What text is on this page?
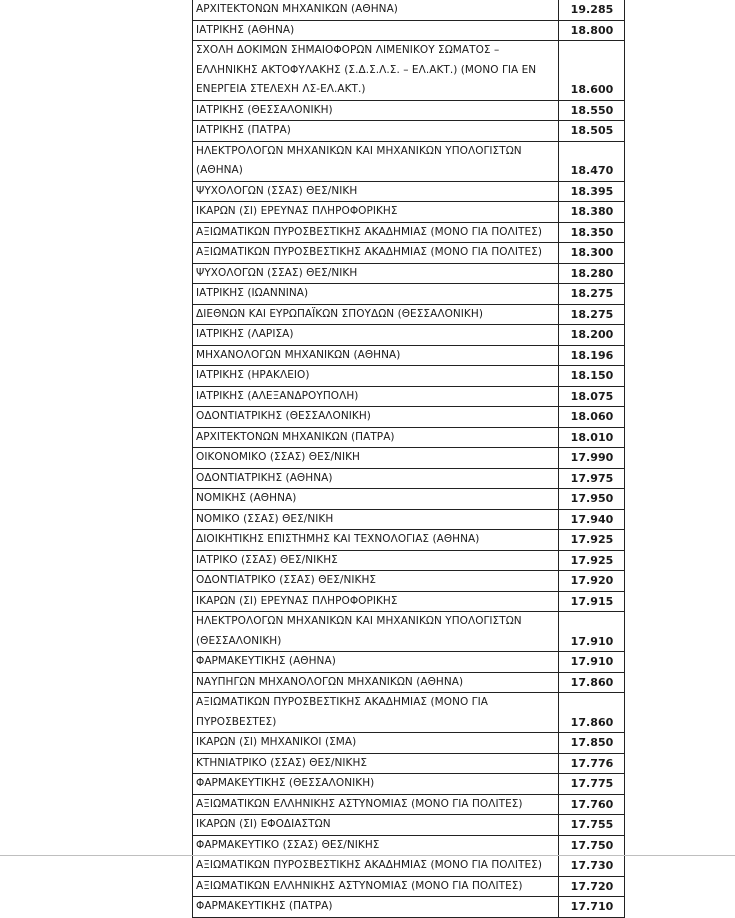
ΑΡΧΙΤΕΚΤΟΝΩΝ ΜΗΧΑΝΙΚΩΝ (ΑΘΗΝΑ)	19.285
ΙΑΤΡΙΚΗΣ (ΑΘΗΝΑ)	18.800
ΣΧΟΛΗ ΔΟΚΙΜΩΝ ΣΗΜΑΙΟΦΟΡΩΝ ΛΙΜΕΝΙΚΟΥ ΣΩΜΑΤΟΣ – ΕΛΛΗΝΙΚΗΣ ΑΚΤΟΦΥΛΑΚΗΣ (Σ.Δ.Σ.Λ.Σ. – ΕΛ.ΑΚΤ.) (ΜΟΝΟ ΓΙΑ ΕΝ ΕΝΕΡΓΕΙΑ ΣΤΕΛΕΧΗ ΛΣ-ΕΛ.ΑΚΤ.)	18.600
ΙΑΤΡΙΚΗΣ (ΘΕΣΣΑΛΟΝΙΚΗ)	18.550
ΙΑΤΡΙΚΗΣ (ΠΑΤΡΑ)	18.505
ΗΛΕΚΤΡΟΛΟΓΩΝ ΜΗΧΑΝΙΚΩΝ ΚΑΙ ΜΗΧΑΝΙΚΩΝ ΥΠΟΛΟΓΙΣΤΩΝ (ΑΘΗΝΑ)	18.470
ΨΥΧΟΛΟΓΩΝ (ΣΣΑΣ) ΘΕΣ/ΝΙΚΗ	18.395
ΙΚΑΡΩΝ (ΣΙ) ΕΡΕΥΝΑΣ ΠΛΗΡΟΦΟΡΙΚΗΣ	18.380
ΑΞΙΩΜΑΤΙΚΩΝ ΠΥΡΟΣΒΕΣΤΙΚΗΣ ΑΚΑΔΗΜΙΑΣ (ΜΟΝΟ ΓΙΑ ΠΟΛΙΤΕΣ)	18.350
ΑΞΙΩΜΑΤΙΚΩΝ ΠΥΡΟΣΒΕΣΤΙΚΗΣ ΑΚΑΔΗΜΙΑΣ (ΜΟΝΟ ΓΙΑ ΠΟΛΙΤΕΣ)	18.300
ΨΥΧΟΛΟΓΩΝ (ΣΣΑΣ) ΘΕΣ/ΝΙΚΗ	18.280
ΙΑΤΡΙΚΗΣ (ΙΩΑΝΝΙΝΑ)	18.275
ΔΙΕΘΝΩΝ ΚΑΙ ΕΥΡΩΠΑΪΚΩΝ ΣΠΟΥΔΩΝ (ΘΕΣΣΑΛΟΝΙΚΗ)	18.275
ΙΑΤΡΙΚΗΣ (ΛΑΡΙΣΑ)	18.200
ΜΗΧΑΝΟΛΟΓΩΝ ΜΗΧΑΝΙΚΩΝ (ΑΘΗΝΑ)	18.196
ΙΑΤΡΙΚΗΣ (ΗΡΑΚΛΕΙΟ)	18.150
ΙΑΤΡΙΚΗΣ (ΑΛΕΞΑΝΔΡΟΥΠΟΛΗ)	18.075
ΟΔΟΝΤΙΑΤΡΙΚΗΣ (ΘΕΣΣΑΛΟΝΙΚΗ)	18.060
ΑΡΧΙΤΕΚΤΟΝΩΝ ΜΗΧΑΝΙΚΩΝ (ΠΑΤΡΑ)	18.010
ΟΙΚΟΝΟΜΙΚΟ (ΣΣΑΣ) ΘΕΣ/ΝΙΚΗ	17.990
ΟΔΟΝΤΙΑΤΡΙΚΗΣ (ΑΘΗΝΑ)	17.975
ΝΟΜΙΚΗΣ (ΑΘΗΝΑ)	17.950
ΝΟΜΙΚΟ (ΣΣΑΣ) ΘΕΣ/ΝΙΚΗ	17.940
ΔΙΟΙΚΗΤΙΚΗΣ ΕΠΙΣΤΗΜΗΣ ΚΑΙ ΤΕΧΝΟΛΟΓΙΑΣ (ΑΘΗΝΑ)	17.925
ΙΑΤΡΙΚΟ (ΣΣΑΣ) ΘΕΣ/ΝΙΚΗΣ	17.925
ΟΔΟΝΤΙΑΤΡΙΚΟ (ΣΣΑΣ) ΘΕΣ/ΝΙΚΗΣ	17.920
ΙΚΑΡΩΝ (ΣΙ) ΕΡΕΥΝΑΣ ΠΛΗΡΟΦΟΡΙΚΗΣ	17.915
ΗΛΕΚΤΡΟΛΟΓΩΝ ΜΗΧΑΝΙΚΩΝ ΚΑΙ ΜΗΧΑΝΙΚΩΝ ΥΠΟΛΟΓΙΣΤΩΝ (ΘΕΣΣΑΛΟΝΙΚΗ)	17.910
ΦΑΡΜΑΚΕΥΤΙΚΗΣ (ΑΘΗΝΑ)	17.910
ΝΑΥΠΗΓΩΝ ΜΗΧΑΝΟΛΟΓΩΝ ΜΗΧΑΝΙΚΩΝ (ΑΘΗΝΑ)	17.860
ΑΞΙΩΜΑΤΙΚΩΝ ΠΥΡΟΣΒΕΣΤΙΚΗΣ ΑΚΑΔΗΜΙΑΣ (ΜΟΝΟ ΓΙΑ ΠΥΡΟΣΒΕΣΤΕΣ)	17.860
ΙΚΑΡΩΝ (ΣΙ) ΜΗΧΑΝΙΚΟΙ (ΣΜΑ)	17.850
ΚΤΗΝΙΑΤΡΙΚΟ (ΣΣΑΣ) ΘΕΣ/ΝΙΚΗΣ	17.776
ΦΑΡΜΑΚΕΥΤΙΚΗΣ (ΘΕΣΣΑΛΟΝΙΚΗ)	17.775
ΑΞΙΩΜΑΤΙΚΩΝ ΕΛΛΗΝΙΚΗΣ ΑΣΤΥΝΟΜΙΑΣ (ΜΟΝΟ ΓΙΑ ΠΟΛΙΤΕΣ)	17.760
ΙΚΑΡΩΝ (ΣΙ) ΕΦΟΔΙΑΣΤΩΝ	17.755
ΦΑΡΜΑΚΕΥΤΙΚΟ (ΣΣΑΣ) ΘΕΣ/ΝΙΚΗΣ	17.750
ΑΞΙΩΜΑΤΙΚΩΝ ΠΥΡΟΣΒΕΣΤΙΚΗΣ ΑΚΑΔΗΜΙΑΣ (ΜΟΝΟ ΓΙΑ ΠΟΛΙΤΕΣ)	17.730
ΑΞΙΩΜΑΤΙΚΩΝ ΕΛΛΗΝΙΚΗΣ ΑΣΤΥΝΟΜΙΑΣ (ΜΟΝΟ ΓΙΑ ΠΟΛΙΤΕΣ)	17.720
ΦΑΡΜΑΚΕΥΤΙΚΗΣ (ΠΑΤΡΑ)	17.710
